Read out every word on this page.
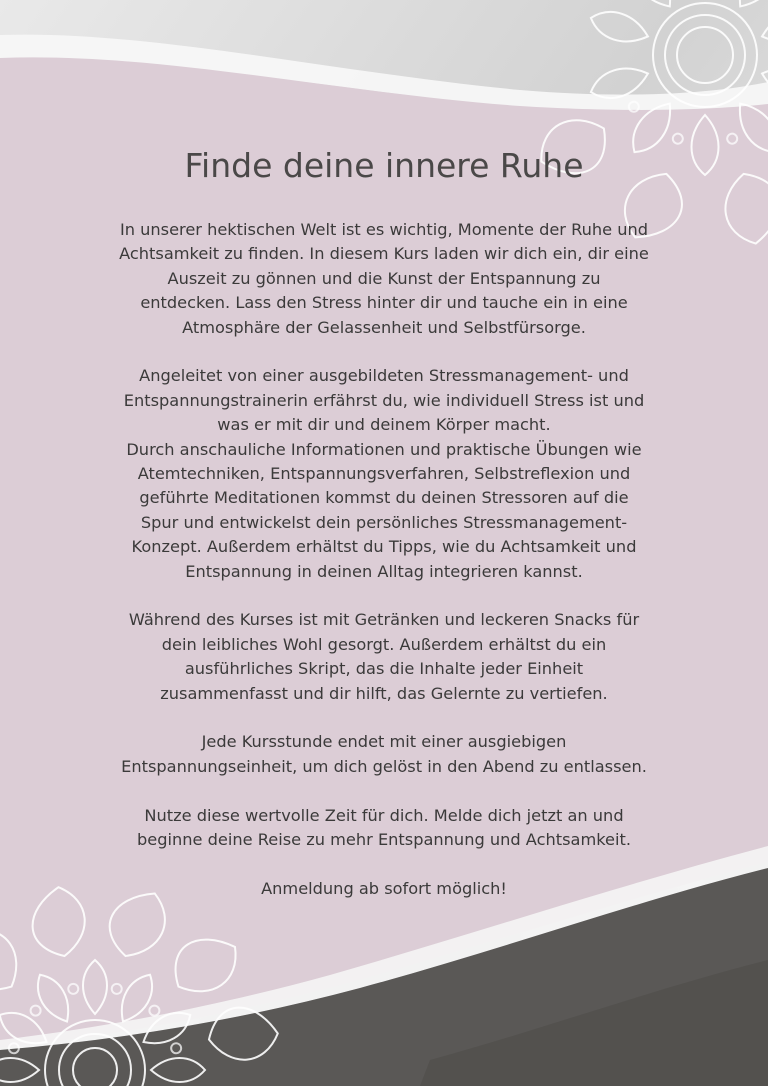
Finde deine innere Ruhe

In unserer hektischen Welt ist es wichtig, Momente der Ruhe und
Achtsamkeit zu finden. In diesem Kurs laden wir dich ein, dir eine
Auszeit zu gönnen und die Kunst der Entspannung zu
entdecken. Lass den Stress hinter dir und tauche ein in eine
Atmosphäre der Gelassenheit und Selbstfürsorge.

Angeleitet von einer ausgebildeten Stressmanagement- und
Entspannungstrainerin erfährst du, wie individuell Stress ist und
was er mit dir und deinem Körper macht.
Durch anschauliche Informationen und praktische Übungen wie
Atemtechniken, Entspannungsverfahren, Selbstreflexion und
geführte Meditationen kommst du deinen Stressoren auf die
Spur und entwickelst dein persönliches Stressmanagement-
Konzept. Außerdem erhältst du Tipps, wie du Achtsamkeit und
Entspannung in deinen Alltag integrieren kannst.

Während des Kurses ist mit Getränken und leckeren Snacks für
dein leibliches Wohl gesorgt. Außerdem erhältst du ein
ausführliches Skript, das die Inhalte jeder Einheit
zusammenfasst und dir hilft, das Gelernte zu vertiefen.

Jede Kursstunde endet mit einer ausgiebigen
Entspannungseinheit, um dich gelöst in den Abend zu entlassen.

Nutze diese wertvolle Zeit für dich. Melde dich jetzt an und
beginne deine Reise zu mehr Entspannung und Achtsamkeit.

Anmeldung ab sofort möglich!
